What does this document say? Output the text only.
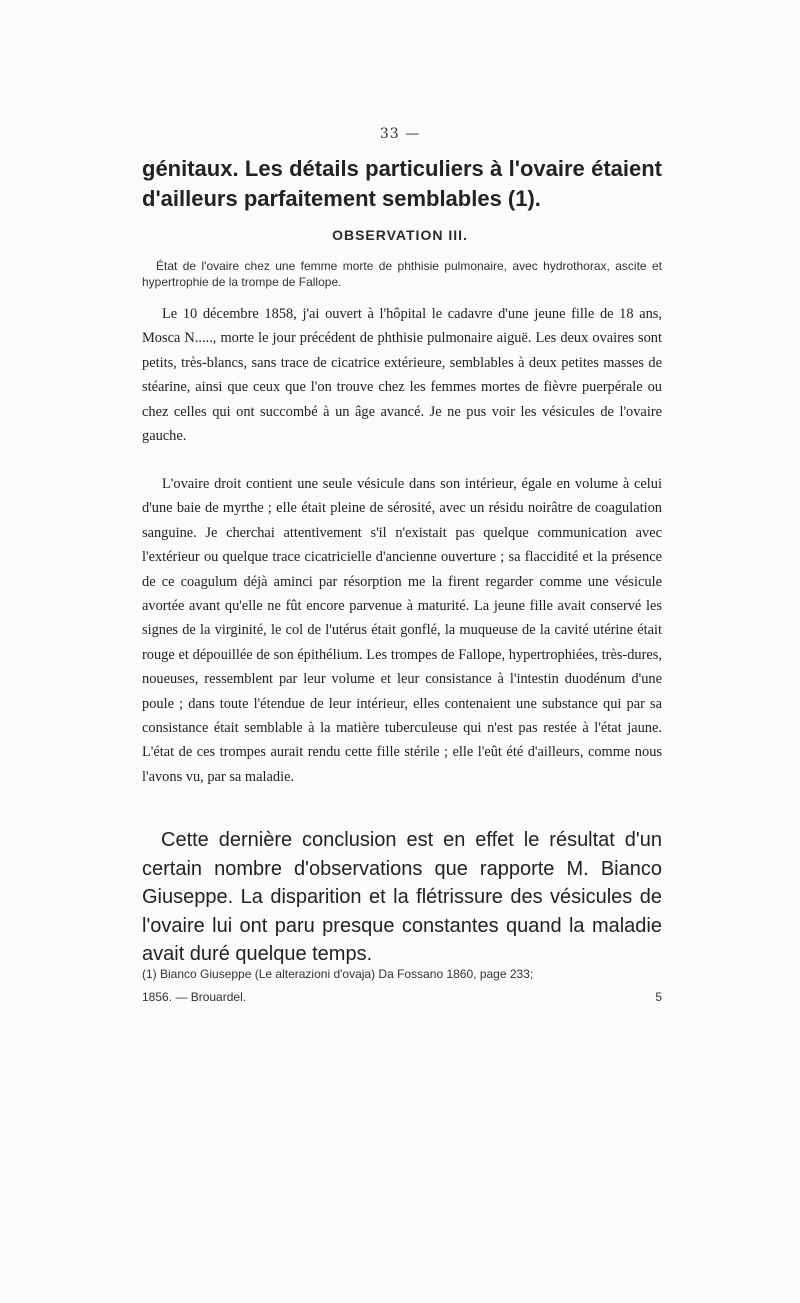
33 —

génitaux. Les détails particuliers à l'ovaire étaient d'ailleurs parfaitement semblables (1).

OBSERVATION III.

État de l'ovaire chez une femme morte de phthisie pulmonaire, avec hydrothorax, ascite et hypertrophie de la trompe de Fallope.

Le 10 décembre 1858, j'ai ouvert à l'hôpital le cadavre d'une jeune fille de 18 ans, Mosca N....., morte le jour précédent de phthisie pulmonaire aiguë. Les deux ovaires sont petits, très-blancs, sans trace de cicatrice extérieure, semblables à deux petites masses de stéarine, ainsi que ceux que l'on trouve chez les femmes mortes de fièvre puerpérale ou chez celles qui ont succombé à un âge avancé. Je ne pus voir les vésicules de l'ovaire gauche.

L'ovaire droit contient une seule vésicule dans son intérieur, égale en volume à celui d'une baie de myrthe ; elle était pleine de sérosité, avec un résidu noirâtre de coagulation sanguine. Je cherchai attentivement s'il n'existait pas quelque communication avec l'extérieur ou quelque trace cicatricielle d'ancienne ouverture ; sa flaccidité et la présence de ce coagulum déjà aminci par résorption me la firent regarder comme une vésicule avortée avant qu'elle ne fût encore parvenue à maturité. La jeune fille avait conservé les signes de la virginité, le col de l'utérus était gonflé, la muqueuse de la cavité utérine était rouge et dépouillée de son épithélium. Les trompes de Fallope, hypertrophiées, très-dures, noueuses, ressemblent par leur volume et leur consistance à l'intestin duodénum d'une poule ; dans toute l'étendue de leur intérieur, elles contenaient une substance qui par sa consistance était semblable à la matière tuberculeuse qui n'est pas restée à l'état jaune. L'état de ces trompes aurait rendu cette fille stérile ; elle l'eût été d'ailleurs, comme nous l'avons vu, par sa maladie.

Cette dernière conclusion est en effet le résultat d'un certain nombre d'observations que rapporte M. Bianco Giuseppe. La disparition et la flétrissure des vésicules de l'ovaire lui ont paru presque constantes quand la maladie avait duré quelque temps.

(1) Bianco Giuseppe (Le alterazioni d'ovaja) Da Fossano 1860, page 233;
1856. — Brouardel.	5
